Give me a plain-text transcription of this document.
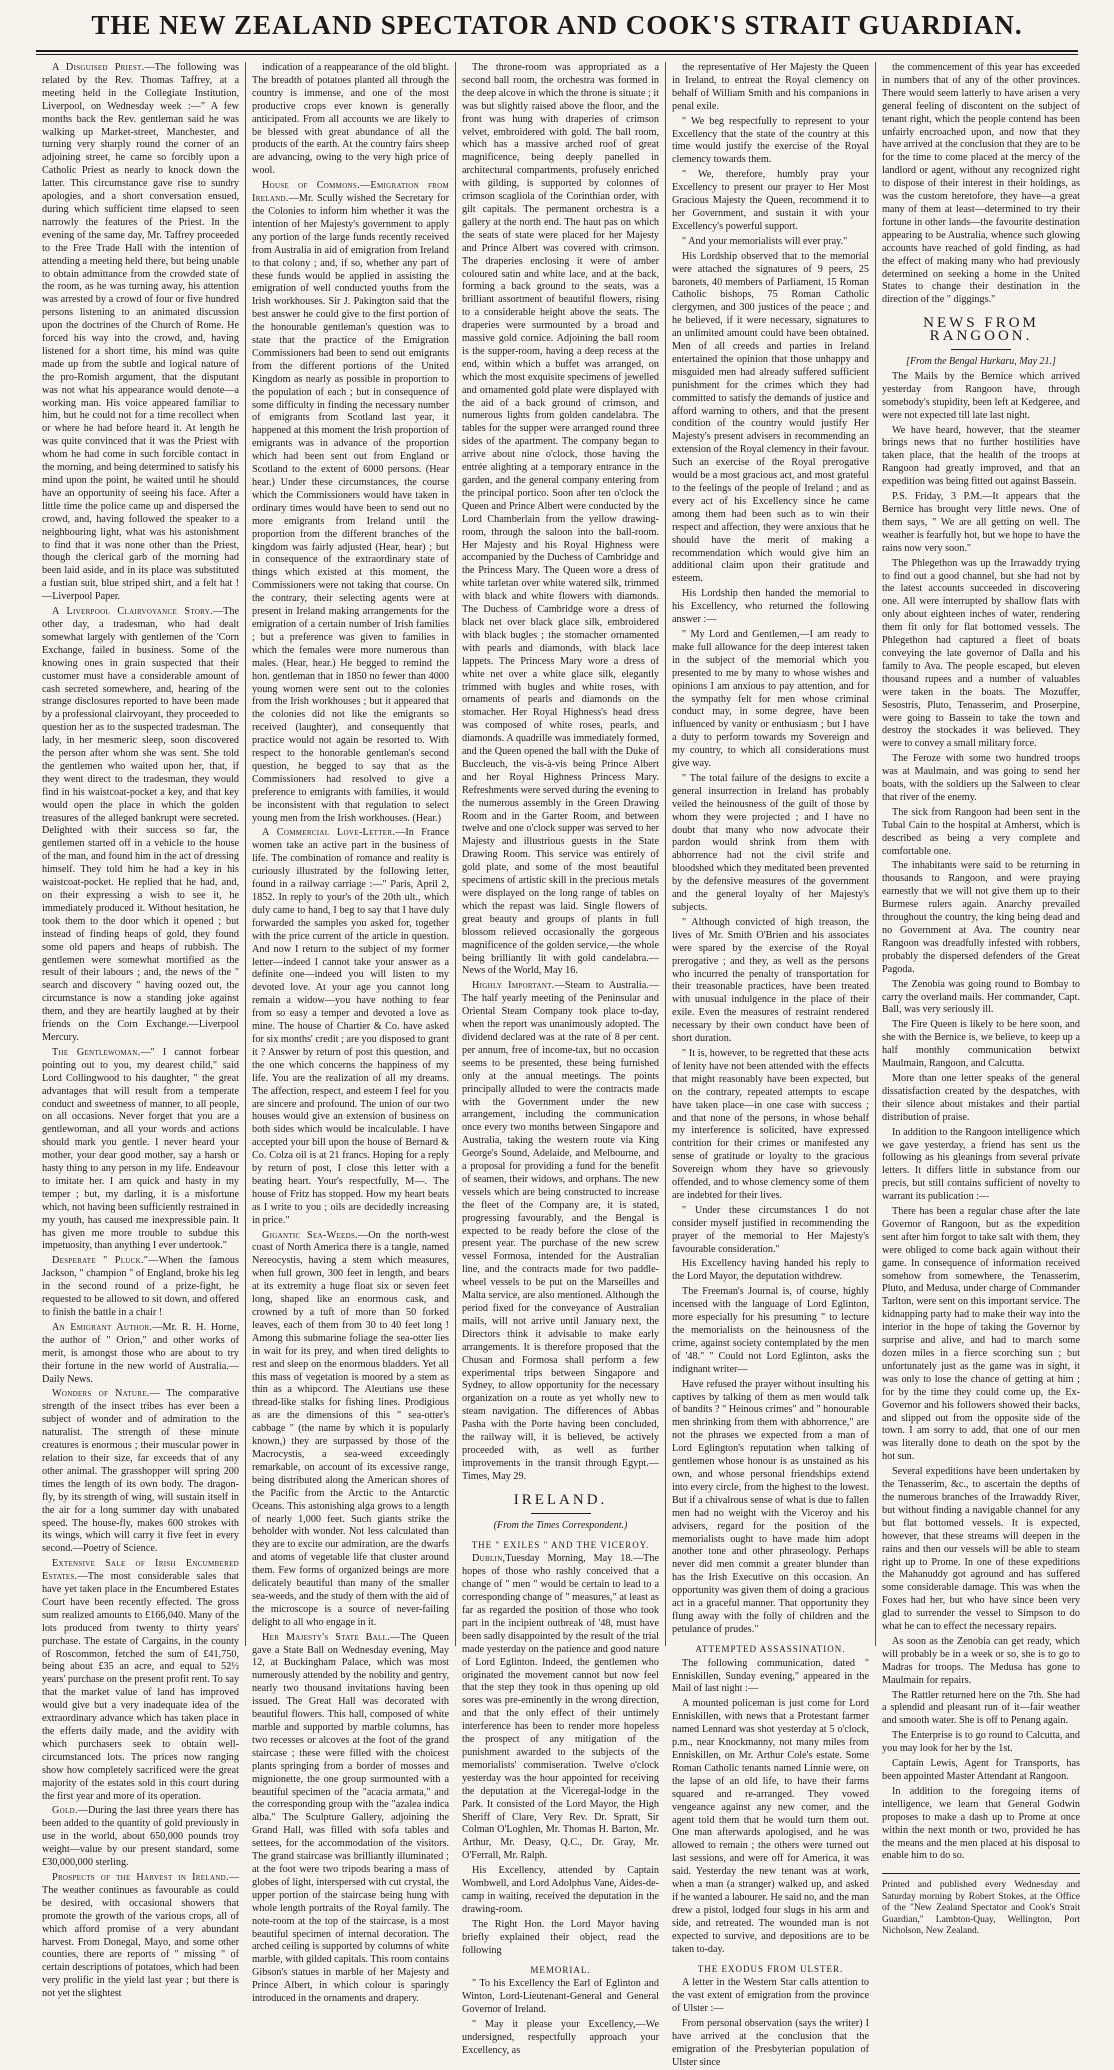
THE NEW ZEALAND SPECTATOR AND COOK'S STRAIT GUARDIAN.

A Disguised Priest.—The following was related by the Rev. Thomas Taffrey, at a meeting held in the Collegiate Institution, Liverpool, on Wednesday week :—" A few months back the Rev. gentleman said he was walking up Market-street, Manchester, and turning very sharply round the corner of an adjoining street, he came so forcibly upon a Catholic Priest as nearly to knock down the latter. This circumstance gave rise to sundry apologies, and a short conversation ensued, during which sufficient time elapsed to seen narrowly the features of the Priest. In the evening of the same day, Mr. Taffrey proceeded to the Free Trade Hall with the intention of attending a meeting held there, but being unable to obtain admittance from the crowded state of the room, as he was turning away, his attention was arrested by a crowd of four or five hundred persons listening to an animated discussion upon the doctrines of the Church of Rome. He forced his way into the crowd, and, having listened for a short time, his mind was quite made up from the subtle and logical nature of the pro-Romish argument, that the disputant was not what his appearance would denote—a working man. His voice appeared familiar to him, but he could not for a time recollect when or where he had before heard it. At length he was quite convinced that it was the Priest with whom he had come in such forcible contact in the morning, and being determined to satisfy his mind upon the point, he waited until he should have an opportunity of seeing his face. After a little time the police came up and dispersed the crowd, and, having followed the speaker to a neighbouring light, what was his astonishment to find that it was none other than the Priest, though the clerical garb of the morning had been laid aside, and in its place was substituted a fustian suit, blue striped shirt, and a felt hat !—Liverpool Paper.

A Liverpool Clairvoyance Story.—The other day, a tradesman, who had dealt somewhat largely with gentlemen of the 'Corn Exchange, failed in business. Some of the knowing ones in grain suspected that their customer must have a considerable amount of cash secreted somewhere, and, hearing of the strange disclosures reported to have been made by a professional clairvoyant, they proceeded to question her as to the suspected tradesman. The lady, in her mesmeric sleep, soon discovered the person after whom she was sent. She told the gentlemen who waited upon her, that, if they went direct to the tradesman, they would find in his waistcoat-pocket a key, and that key would open the place in which the golden treasures of the alleged bankrupt were secreted. Delighted with their success so far, the gentlemen started off in a vehicle to the house of the man, and found him in the act of dressing himself. They told him he had a key in his waistcoat-pocket. He replied that he had, and, on their expressing a wish to see it, he immediately produced it. Without hesitation, he took them to the door which it opened ; but instead of finding heaps of gold, they found some old papers and heaps of rubbish. The gentlemen were somewhat mortified as the result of their labours ; and, the news of the " search and discovery " having oozed out, the circumstance is now a standing joke against them, and they are heartily laughed at by their friends on the Corn Exchange.—Liverpool Mercury.

The Gentlewoman.—" I cannot forbear pointing out to you, my dearest child," said Lord Collingwood to his daughter, " the great advantages that will result from a temperate conduct and sweetness of manner, to all people, on all occasions. Never forget that you are a gentlewoman, and all your words and actions should mark you gentle. I never heard your mother, your dear good mother, say a harsh or hasty thing to any person in my life. Endeavour to imitate her. I am quick and hasty in my temper ; but, my darling, it is a misfortune which, not having been sufficiently restrained in my youth, has caused me inexpressible pain. It has given me more trouble to subdue this impetuosity, than anything I ever undertook."

Desperate " Pluck."—When the famous Jackson, " champion " of England, broke his leg in the second round of a prize-fight, he requested to be allowed to sit down, and offered to finish the battle in a chair !

An Emigrant Author.—Mr. R. H. Horne, the author of " Orion," and other works of merit, is amongst those who are about to try their fortune in the new world of Australia.—Daily News.

Wonders of Nature.— The comparative strength of the insect tribes has ever been a subject of wonder and of admiration to the naturalist. The strength of these minute creatures is enormous ; their muscular power in relation to their size, far exceeds that of any other animal. The grasshopper will spring 200 times the length of its own body. The dragon-fly, by its strength of wing, will sustain itself in the air for a long summer day with unabated speed. The house-fly, makes 600 strokes with its wings, which will carry it five feet in every second.—Poetry of Science.

Extensive Sale of Irish Encumbered Estates.—The most considerable sales that have yet taken place in the Encumbered Estates Court have been recently effected. The gross sum realized amounts to £166,040. Many of the lots produced from twenty to thirty years' purchase. The estate of Cargains, in the county of Roscommon, fetched the sum of £41,750, being about £35 an acre, and equal to 52½ years' purchase on the present profit rent. To say that the market value of land has improved would give but a very inadequate idea of the extraordinary advance which has taken place in the efferts daily made, and the avidity with which purchasers seek to obtain well-circumstanced lots. The prices now ranging show how completely sacrificed were the great majority of the estates sold in this court during the first year and more of its operation.

Gold.—During the last three years there has been added to the quantity of gold previously in use in the world, about 650,000 pounds troy weight—value by our present standard, some £30,000,000 sterling.

Prospects of the Harvest in Ireland.—The weather continues as favourable as could be desired, with occasional showers that promote the growth of the various crops, all of which afford promise of a very abundant harvest. From Donegal, Mayo, and some other counties, there are reports of " missing " of certain descriptions of potatoes, which had been very prolific in the yield last year ; but there is not yet the slightest

indication of a reappearance of the old blight. The breadth of potatoes planted all through the country is immense, and one of the most productive crops ever known is generally anticipated. From all accounts we are likely to be blessed with great abundance of all the products of the earth. At the country fairs sheep are advancing, owing to the very high price of wool.

House of Commons.—Emigration from Ireland.—Mr. Scully wished the Secretary for the Colonies to inform him whether it was the intention of her Majesty's government to apply any portion of the large funds recently received from Australia in aid of emigration from Ireland to that colony ; and, if so, whether any part of these funds would be applied in assisting the emigration of well conducted youths from the Irish workhouses. Sir J. Pakington said that the best answer he could give to the first portion of the honourable gentleman's question was to state that the practice of the Emigration Commissioners had been to send out emigrants from the different portions of the United Kingdom as nearly as possible in proportion to the population of each ; but in consequence of some difficulty in finding the necessary number of emigrants from Scotland last year, it happened at this moment the Irish proportion of emigrants was in advance of the proportion which had been sent out from England or Scotland to the extent of 6000 persons. (Hear hear.) Under these circumstances, the course which the Commissioners would have taken in ordinary times would have been to send out no more emigrants from Ireland until the proportion from the different branches of the kingdom was fairly adjusted (Hear, hear) ; but in consequence of the extraordinary state of things which existed at this moment, the Commissioners were not taking that course. On the contrary, their selecting agents were at present in Ireland making arrangements for the emigration of a certain number of Irish families ; but a preference was given to families in which the females were more numerous than males. (Hear, hear.) He begged to remind the hon. gentleman that in 1850 no fewer than 4000 young women were sent out to the colonies from the Irish workhouses ; but it appeared that the colonies did not like the emigrants so received (laughter), and consequently that practice would not again be resorted to. With respect to the honorable gentleman's second question, he begged to say that as the Commissioners had resolved to give a preference to emigrants with families, it would be inconsistent with that regulation to select young men from the Irish workhouses. (Hear.)

A Commercial Love-Letter.—In France women take an active part in the business of life. The combination of romance and reality is curiously illustrated by the following letter, found in a railway carriage :—" Paris, April 2, 1852. In reply to your's of the 20th ult., which duly came to hand, I beg to say that I have duly forwarded the samples you asked for, together with the price current of the article in question. And now I return to the subject of my former letter—indeed I cannot take your answer as a definite one—indeed you will listen to my devoted love. At your age you cannot long remain a widow—you have nothing to fear from so easy a temper and devoted a love as mine. The house of Chartier & Co. have asked for six months' credit ; are you disposed to grant it ? Answer by return of post this question, and the one which concerns the happiness of my life. You are the realization of all my dreams. The affection, respect, and esteem I feel for you are sincere and profound. The union of our two houses would give an extension of business on both sides which would be incalculable. I have accepted your bill upon the house of Bernard & Co. Colza oil is at 21 francs. Hoping for a reply by return of post, I close this letter with a beating heart. Your's respectfully, M—. The house of Fritz has stopped. How my heart beats as I write to you ; oils are decidedly increasing in price."

Gigantic Sea-Weeds.—On the north-west coast of North America there is a tangle, named Nereocystis, having a stem which measures, when full grown, 300 feet in length, and bears at its extremity a huge float six or seven feet long, shaped like an enormous cask, and crowned by a tuft of more than 50 forked leaves, each of them from 30 to 40 feet long ! Among this submarine foliage the sea-otter lies in wait for its prey, and when tired delights to rest and sleep on the enormous bladders. Yet all this mass of vegetation is moored by a stem as thin as a whipcord. The Aleutians use these thread-like stalks for fishing lines. Prodigious as are the dimensions of this " sea-otter's cabbage " (the name by which it is popularly known,) they are surpassed by those of the Macrocystis, a sea-weed exceedingly remarkable, on account of its excessive range, being distributed along the American shores of the Pacific from the Arctic to the Antarctic Oceans. This astonishing alga grows to a length of nearly 1,000 feet. Such giants strike the beholder with wonder. Not less calculated than they are to excite our admiration, are the dwarfs and atoms of vegetable life that cluster around them. Few forms of organized beings are more delicately beautiful than many of the smaller sea-weeds, and the study of them with the aid of the microscope is a source of never-failing delight to all who engage in it.

Her Majesty's State Ball.—The Queen gave a State Ball on Wednesday evening, May 12, at Buckingham Palace, which was most numerously attended by the nobility and gentry, nearly two thousand invitations having been issued. The Great Hall was decorated with beautiful flowers. This hall, composed of white marble and supported by marble columns, has two recesses or alcoves at the foot of the grand staircase ; these were filled with the choicest plants springing from a border of mosses and mignionette, the one group surmounted with a beautiful specimen of the "acacia armata," and the corresponding group with the "azalea indica alba." The Sculpture Gallery, adjoining the Grand Hall, was filled with sofa tables and settees, for the accommodation of the visitors. The grand staircase was brilliantly illuminated ; at the foot were two tripods bearing a mass of globes of light, interspersed with cut crystal, the upper portion of the staircase being hung with whole length portraits of the Royal family. The note-room at the top of the staircase, is a most beautiful specimen of internal decoration. The arched ceiling is supported by columns of white marble, with gilded capitals. This room contains Gibson's statues in marble of her Majesty and Prince Albert, in which colour is sparingly introduced in the ornaments and drapery.

The throne-room was appropriated as a second ball room, the orchestra was formed in the deep alcove in which the throne is situate ; it was but slightly raised above the floor, and the front was hung with draperies of crimson velvet, embroidered with gold. The ball room, which has a massive arched roof of great magnificence, being deeply panelled in architectural compartments, profusely enriched with gilding, is supported by colonnes of crimson scagliola of the Corinthian order, with gilt capitals. The permanent orchestra is a gallery at the north end. The haut pas on which the seats of state were placed for her Majesty and Prince Albert was covered with crimson. The draperies enclosing it were of amber coloured satin and white lace, and at the back, forming a back ground to the seats, was a brilliant assortment of beautiful flowers, rising to a considerable height above the seats. The draperies were surmounted by a broad and massive gold cornice. Adjoining the ball room is the supper-room, having a deep recess at the end, within which a buffet was arranged, on which the most exquisite specimens of jewelled and ornamented gold plate were displayed with the aid of a back ground of crimson, and numerous lights from golden candelabra. The tables for the supper were arranged round three sides of the apartment. The company began to arrive about nine o'clock, those having the entrée alighting at a temporary entrance in the garden, and the general company entering from the principal portico. Soon after ten o'clock the Queen and Prince Albert were conducted by the Lord Chamberlain from the yellow drawing-room, through the saloon into the ball-room. Her Majesty and his Royal Highness were accompanied by the Duchess of Cambridge and the Princess Mary. The Queen wore a dress of white tarletan over white watered silk, trimmed with black and white flowers with diamonds. The Duchess of Cambridge wore a dress of black net over black glace silk, embroidered with black bugles ; the stomacher ornamented with pearls and diamonds, with black lace lappets. The Princess Mary wore a dress of white net over a white glace silk, elegantly trimmed with bugles and white roses, with ornaments of pearls and diamonds on the stomacher. Her Royal Highness's head dress was composed of white roses, pearls, and diamonds. A quadrille was immediately formed, and the Queen opened the ball with the Duke of Buccleuch, the vis-à-vis being Prince Albert and her Royal Highness Princess Mary. Refreshments were served during the evening to the numerous assembly in the Green Drawing Room and in the Garter Room, and between twelve and one o'clock supper was served to her Majesty and illustrious guests in the State Drawing Room. This service was entirely of gold plate, and some of the most beautiful specimens of artistic skill in the precious metals were displayed on the long range of tables on which the repast was laid. Single flowers of great beauty and groups of plants in full blossom relieved occasionally the gorgeous magnificence of the golden service,—the whole being brilliantly lit with gold candelabra.—News of the World, May 16.

Highly Important.—Steam to Australia.—The half yearly meeting of the Peninsular and Oriental Steam Company took place to-day, when the report was unanimously adopted. The dividend declared was at the rate of 8 per cent. per annum, free of income-tax, but no occasion seems to be presented, these being furnished only at the annual meetings. The points principally alluded to were the contracts made with the Government under the new arrangement, including the communication once every two months between Singapore and Australia, taking the western route via King George's Sound, Adelaide, and Melbourne, and a proposal for providing a fund for the benefit of seamen, their widows, and orphans. The new vessels which are being constructed to increase the fleet of the Company are, it is stated, progressing favourably, and the Bengal is expected to be ready before the close of the present year. The purchase of the new screw vessel Formosa, intended for the Australian line, and the contracts made for two paddle-wheel vessels to be put on the Marseilles and Malta service, are also mentioned. Although the period fixed for the conveyance of Australian mails, will not arrive until January next, the Directors think it advisable to make early arrangements. It is therefore proposed that the Chusan and Formosa shall perform a few experimental trips between Singapore and Sydney, to allow opportunity for the necessary organization on a route as yet wholly new to steam navigation. The differences of Abbas Pasha with the Porte having been concluded, the railway will, it is believed, be actively proceeded with, as well as further improvements in the transit through Egypt.—Times, May 29.

IRELAND.
(From the Times Correspondent.)
THE " EXILES " AND THE VICEROY.

Dublin,Tuesday Morning, May 18.—The hopes of those who rashly conceived that a change of " men " would be certain to lead to a corresponding change of " measures," at least as far as regarded the position of those who took part in the incipient outbreak of '48, must have been sadly disappointed by the result of the trial made yesterday on the patience and good nature of Lord Eglinton. Indeed, the gentlemen who originated the movement cannot but now feel that the step they took in thus opening up old sores was pre-eminently in the wrong direction, and that the only effect of their untimely interference has been to render more hopeless the prospect of any mitigation of the punishment awarded to the subjects of the memorialists' commiseration. Twelve o'clock yesterday was the hour appointed for receiving the deputation at the Viceregal-lodge in the Park. It consisted of the Lord Mayor, the High Sheriff of Clare, Very Rev. Dr. Spratt, Sir Colman O'Loghlen, Mr. Thomas H. Barton, Mr. Arthur, Mr. Deasy, Q.C., Dr. Gray, Mr. O'Ferrall, Mr. Ralph.

His Excellency, attended by Captain Wombwell, and Lord Adolphus Vane, Aides-de-camp in waiting, received the deputation in the drawing-room.

The Right Hon. the Lord Mayor having briefly explained their object, read the following

MEMORIAL.

" To his Excellency the Earl of Eglinton and Winton, Lord-Lieutenant-General and General Governor of Ireland.

" May it please your Excellency,—We undersigned, respectfully approach your Excellency, as

the representative of Her Majesty the Queen in Ireland, to entreat the Royal clemency on behalf of William Smith and his companions in penal exile.

" We beg respectfully to represent to your Excellency that the state of the country at this time would justify the exercise of the Royal clemency towards them.

" We, therefore, humbly pray your Excellency to present our prayer to Her Most Gracious Majesty the Queen, recommend it to her Government, and sustain it with your Excellency's powerful support.

" And your memorialists will ever pray."

His Lordship observed that to the memorial were attached the signatures of 9 peers, 25 baronets, 40 members of Parliament, 15 Roman Catholic bishops, 75 Roman Catholic clergymen, and 300 justices of the peace ; and he believed, if it were necessary, signatures to an unlimited amount could have been obtained. Men of all creeds and parties in Ireland entertained the opinion that those unhappy and misguided men had already suffered sufficient punishment for the crimes which they had committed to satisfy the demands of justice and afford warning to others, and that the present condition of the country would justify Her Majesty's present advisers in recommending an extension of the Royal clemency in their favour. Such an exercise of the Royal prerogative would be a most gracious act, and most grateful to the feelings of the people of Ireland ; and as every act of his Excellency since he came among them had been such as to win their respect and affection, they were anxious that he should have the merit of making a recommendation which would give him an additional claim upon their gratitude and esteem.

His Lordship then handed the memorial to his Excellency, who returned the following answer :—

" My Lord and Gentlemen,—I am ready to make full allowance for the deep interest taken in the subject of the memorial which you presented to me by many to whose wishes and opinions I am anxious to pay attention, and for the sympathy felt for men whose criminal conduct may, in some degree, have been influenced by vanity or enthusiasm ; but I have a duty to perform towards my Sovereign and my country, to which all considerations must give way.

" The total failure of the designs to excite a general insurrection in Ireland has probably veiled the heinousness of the guilt of those by whom they were projected ; and I have no doubt that many who now advocate their pardon would shrink from them with abhorrence had not the civil strife and bloodshed which they meditated been prevented by the defensive measures of the government and the general loyalty of her Majesty's subjects.

" Although convicted of high treason, the lives of Mr. Smith O'Brien and his associates were spared by the exercise of the Royal prerogative ; and they, as well as the persons who incurred the penalty of transportation for their treasonable practices, have been treated with unusual indulgence in the place of their exile. Even the measures of restraint rendered necessary by their own conduct have been of short duration.

" It is, however, to be regretted that these acts of lenity have not been attended with the effects that might reasonably have been expected, but on the contrary, repeated attempts to escape have taken place—in one case with success ; and that none of the persons, in whose behalf my interference is solicited, have expressed contrition for their crimes or manifested any sense of gratitude or loyalty to the gracious Sovereign whom they have so grievously offended, and to whose clemency some of them are indebted for their lives.

" Under these circumstances I do not consider myself justified in recommending the prayer of the memorial to Her Majesty's favourable consideration."

His Excellency having handed his reply to the Lord Mayor, the deputation withdrew.

The Freeman's Journal is, of course, highly incensed with the language of Lord Eglinton, more especially for his presuming " to lecture the memorialists on the heinousness of the crime, against society contemplated by the men of '48." " Could not Lord Eglinton, asks the indignant writer—

Have refused the prayer without insulting his captives by talking of them as men would talk of bandits ? " Heinous crimes" and " honourable men shrinking from them with abhorrence," are not the phrases we expected from a man of Lord Eglington's reputation when talking of gentlemen whose honour is as unstained as his own, and whose personal friendships extend into every circle, from the highest to the lowest. But if a chivalrous sense of what is due to fallen men had no weight with the Viceroy and his advisers, regard for the position of the memorialists ought to have made him adopt another tone and other phraseology. Perhaps never did men commit a greater blunder than has the Irish Executive on this occasion. An opportunity was given them of doing a gracious act in a graceful manner. That opportunity they flung away with the folly of children and the petulance of prudes."

ATTEMPTED ASSASSINATION.

The following communication, dated " Enniskillen, Sunday evening," appeared in the Mail of last night :—

A mounted policeman is just come for Lord Enniskillen, with news that a Protestant farmer named Lennard was shot yesterday at 5 o'clock, p.m., near Knockmanny, not many miles from Enniskillen, on Mr. Arthur Cole's estate. Some Roman Catholic tenants named Linnie were, on the lapse of an old life, to have their farms squared and re-arranged. They vowed vengeance against any new comer, and the agent told them that he would turn them out. One man afterwards apologised, and he was allowed to remain ; the others were turned out last sessions, and were off for America, it was said. Yesterday the new tenant was at work, when a man (a stranger) walked up, and asked if he wanted a labourer. He said no, and the man drew a pistol, lodged four slugs in his arm and side, and retreated. The wounded man is not expected to survive, and depositions are to be taken to-day.

THE EXODUS FROM ULSTER.

A letter in the Western Star calls attention to the vast extent of emigration from the province of Ulster :—

From personal observation (says the writer) I have arrived at the conclusion that the emigration of the Presbyterian population of Ulster since

the commencement of this year has exceeded in numbers that of any of the other provinces. There would seem latterly to have arisen a very general feeling of discontent on the subject of tenant right, which the people contend has been unfairly encroached upon, and now that they have arrived at the conclusion that they are to be for the time to come placed at the mercy of the landlord or agent, without any recognized right to dispose of their interest in their holdings, as was the custom heretofore, they have—a great many of them at least—determined to try their fortune in other lands—the favourite destination appearing to be Australia, whence such glowing accounts have reached of gold finding, as had the effect of making many who had previously determined on seeking a home in the United States to change their destination in the direction of the " diggings."

NEWS FROM RANGOON.
[From the Bengal Hurkaru, May 21.]

The Mails by the Bernice which arrived yesterday from Rangoon have, through somebody's stupidity, been left at Kedgeree, and were not expected till late last night.

We have heard, however, that the steamer brings news that no further hostilities have taken place, that the health of the troops at Rangoon had greatly improved, and that an expedition was being fitted out against Bassein.

P.S. Friday, 3 P.M.—It appears that the Bernice has brought very little news. One of them says, " We are all getting on well. The weather is fearfully hot, but we hope to have the rains now very soon."

The Phlegethon was up the Irrawaddy trying to find out a good channel, but she had not by the latest accounts succeeded in discovering one. All were interrupted by shallow flats with only about eighteen inches of water, rendering them fit only for flat bottomed vessels. The Phlegethon had captured a fleet of boats conveying the late governor of Dalla and his family to Ava. The people escaped, but eleven thousand rupees and a number of valuables were taken in the boats. The Mozuffer, Sesostris, Pluto, Tenasserim, and Proserpine, were going to Bassein to take the town and destroy the stockades it was believed. They were to convey a small military force.

The Feroze with some two hundred troops was at Maulmain, and was going to send her boats, with the soldiers up the Salween to clear that river of the enemy.

The sick from Rangoon had been sent in the Tubal Cain to the hospital at Amherst, which is described as being a very complete and comfortable one.

The inhabitants were said to be returning in thousands to Rangoon, and were praying earnestly that we will not give them up to their Burmese rulers again. Anarchy prevailed throughout the country, the king being dead and no Government at Ava. The country near Rangoon was dreadfully infested with robbers, probably the dispersed defenders of the Great Pagoda.

The Zenobia was going round to Bombay to carry the overland mails. Her commander, Capt. Ball, was very seriously ill.

The Fire Queen is likely to be here soon, and she with the Bernice is, we believe, to keep up a half monthly communication betwixt Maulmain, Rangoon, and Calcutta.

More than one letter speaks of the general dissatisfaction created by the despatches, with their silence about mistakes and their partial distribution of praise.

In addition to the Rangoon intelligence which we gave yesterday, a friend has sent us the following as his gleanings from several private letters. It differs little in substance from our precis, but still contains sufficient of novelty to warrant its publication :—

There has been a regular chase after the late Governor of Rangoon, but as the expedition sent after him forgot to take salt with them, they were obliged to come back again without their game. In consequence of information received somehow from somewhere, the Tenasserim, Pluto, and Medusa, under charge of Commander Tarlton, were sent on this important service. The kidnapping party had to make their way into the interior in the hope of taking the Governor by surprise and alive, and had to march some dozen miles in a fierce scorching sun ; but unfortunately just as the game was in sight, it was only to lose the chance of getting at him ; for by the time they could come up, the Ex-Governor and his followers showed their backs, and slipped out from the opposite side of the town. I am sorry to add, that one of our men was literally done to death on the spot by the hot sun.

Several expeditions have been undertaken by the Tenasserim, &c., to ascertain the depths of the numerous branches of the Irrawaddy River, but without finding a navigable channel for any but flat bottomed vessels. It is expected, however, that these streams will deepen in the rains and then our vessels will be able to steam right up to Prome. In one of these expeditions the Mahanuddy got aground and has suffered some considerable damage. This was when the Foxes had her, but who have since been very glad to surrender the vessel to Simpson to do what he can to effect the necessary repairs.

As soon as the Zenobia can get ready, which will probably be in a week or so, she is to go to Madras for troops. The Medusa has gone to Maulmain for repairs.

The Rattler returned here on the 7th. She had a splendid and pleasant run of it—fair weather and smooth water. She is off to Penang again.

The Enterprise is to go round to Calcutta, and you may look for her by the 1st.

Captain Lewis, Agent for Transports, has been appointed Master Attendant at Rangoon.

In addition to the foregoing items of intelligence, we learn that General Godwin proposes to make a dash up to Prome at once within the next month or two, provided he has the means and the men placed at his disposal to enable him to do so.

Printed and published every Wednesday and Saturday morning by Robert Stokes, at the Office of the "New Zealand Spectator and Cook's Strait Guardian," Lambton-Quay, Wellington, Port Nicholson, New Zealand.
